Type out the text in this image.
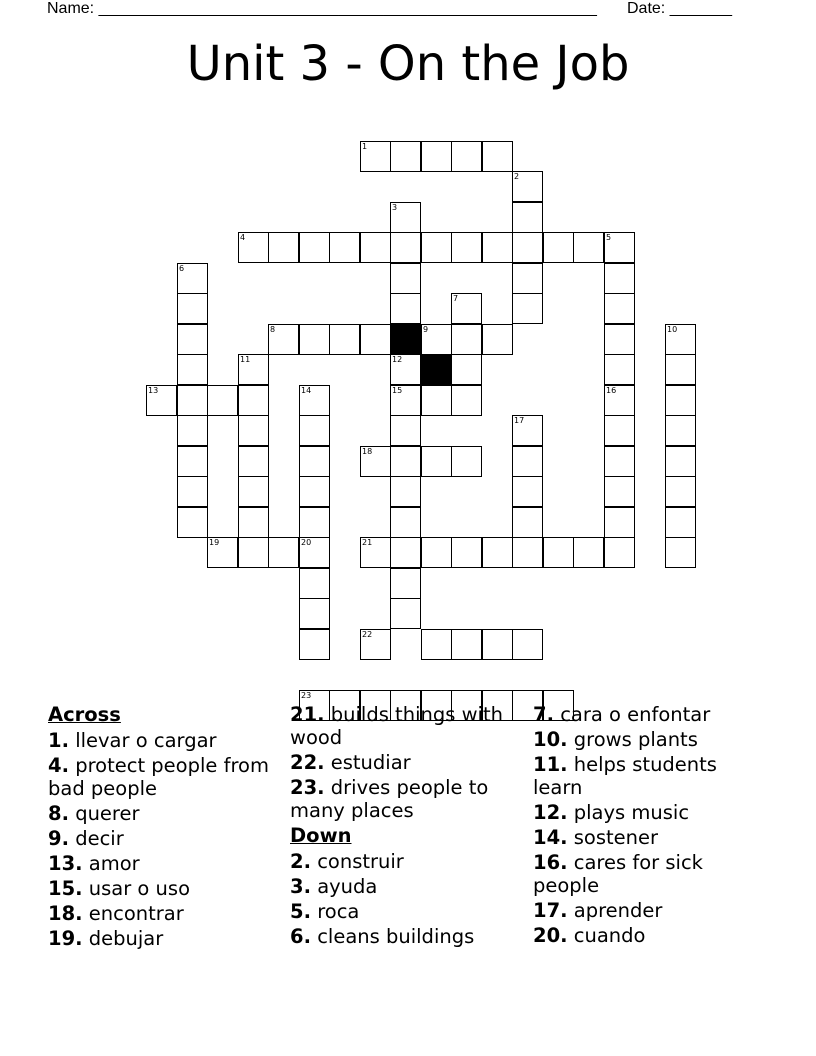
Name: ________________________________________________________ Date: _______
Unit 3 - On the Job
1
2
3
12
15
4	5
6
7
8	9	10
11
13	14	16
17
18
19	20	21
22
23
Across
1. llevar o cargar
4. protect people from bad people
8. querer
9. decir
13. amor
15. usar o uso
18. encontrar
19. debujar
21. builds things with wood
22. estudiar
23. drives people to many places
Down
2. construir
3. ayuda
5. roca
6. cleans buildings
7. cara o enfontar
10. grows plants
11. helps students learn
12. plays music
14. sostener
16. cares for sick people
17. aprender
20. cuando
